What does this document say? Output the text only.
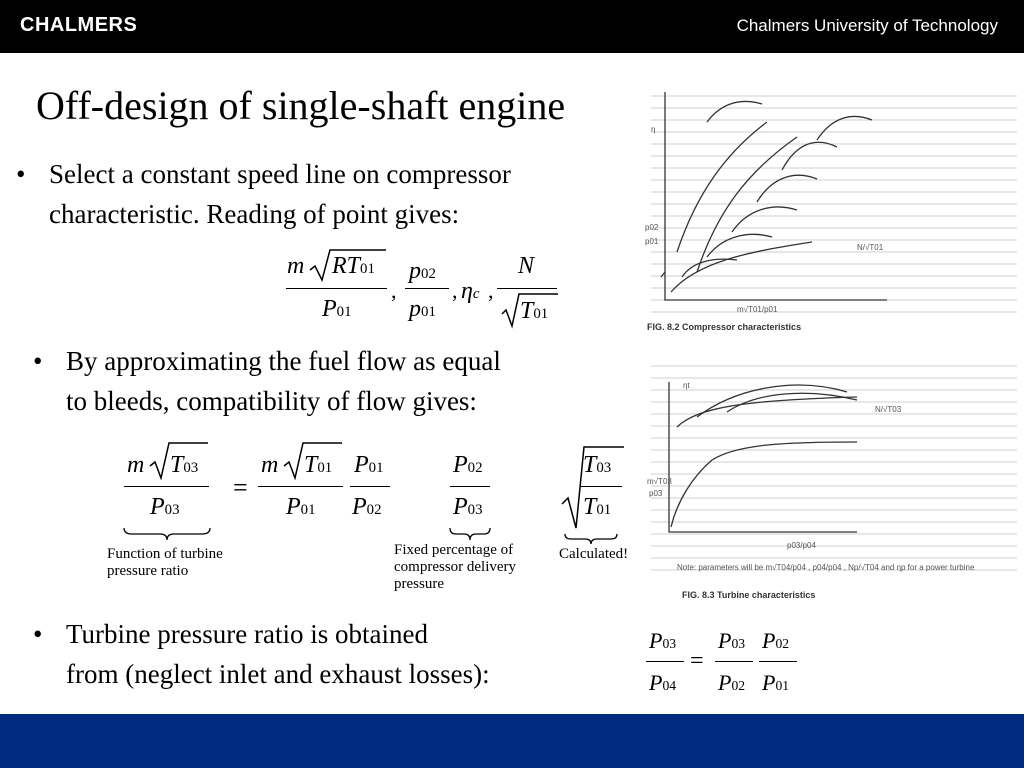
CHALMERS	Chalmers University of Technology
Off-design of single-shaft engine
• Select a constant speed line on compressor
characteristic. Reading of point gives:
m RT01
P01
,
p02
p01
, ηc ,
N
T01
• By approximating the fuel flow as equal
to bleeds, compatibility of flow gives:
m T03
P03
Function of turbine pressure ratio
=
m T01
P01
P01
P02
P02
P03
Fixed percentage of compressor delivery pressure
T03
T01
Calculated!
• Turbine pressure ratio is obtained
from (neglect inlet and exhaust losses):
P03
P04
=
P03
P02
P02
P01
η
p02
p01
N/√T01
m√T01/p01
ηt
N/√T03
m√T03
p03
p03/p04
Note: parameters will be m√T04/p04 , p04/p04 , Np/√T04 and ηp for a power turbine
FIG. 8.2 Compressor characteristics
FIG. 8.3 Turbine characteristics
